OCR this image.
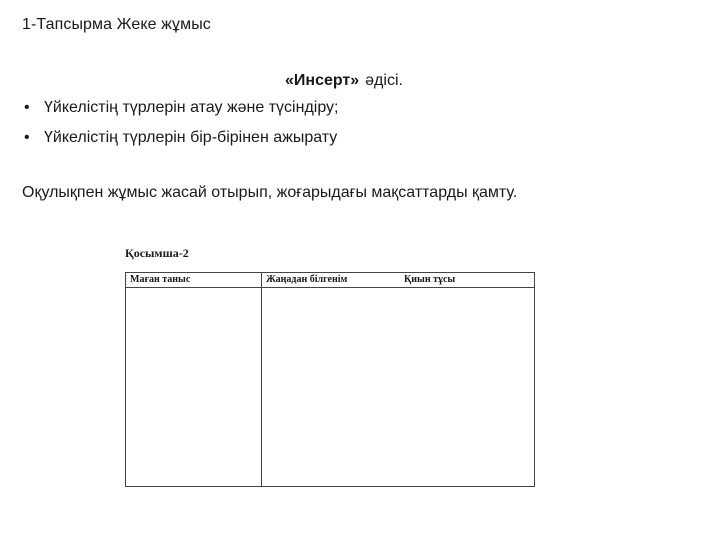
1-Тапсырма Жеке жұмыс
«Инсерт» әдісі.
• Үйкелістің түрлерін атау және түсіндіру;
• Үйкелістің түрлерін бір-бірінен ажырату
Оқулықпен жұмыс жасай отырып, жоғарыдағы мақсаттарды қамту.
Қосымша-2
Маған таныс	Жаңадан білгенім	Қиын тұсы
